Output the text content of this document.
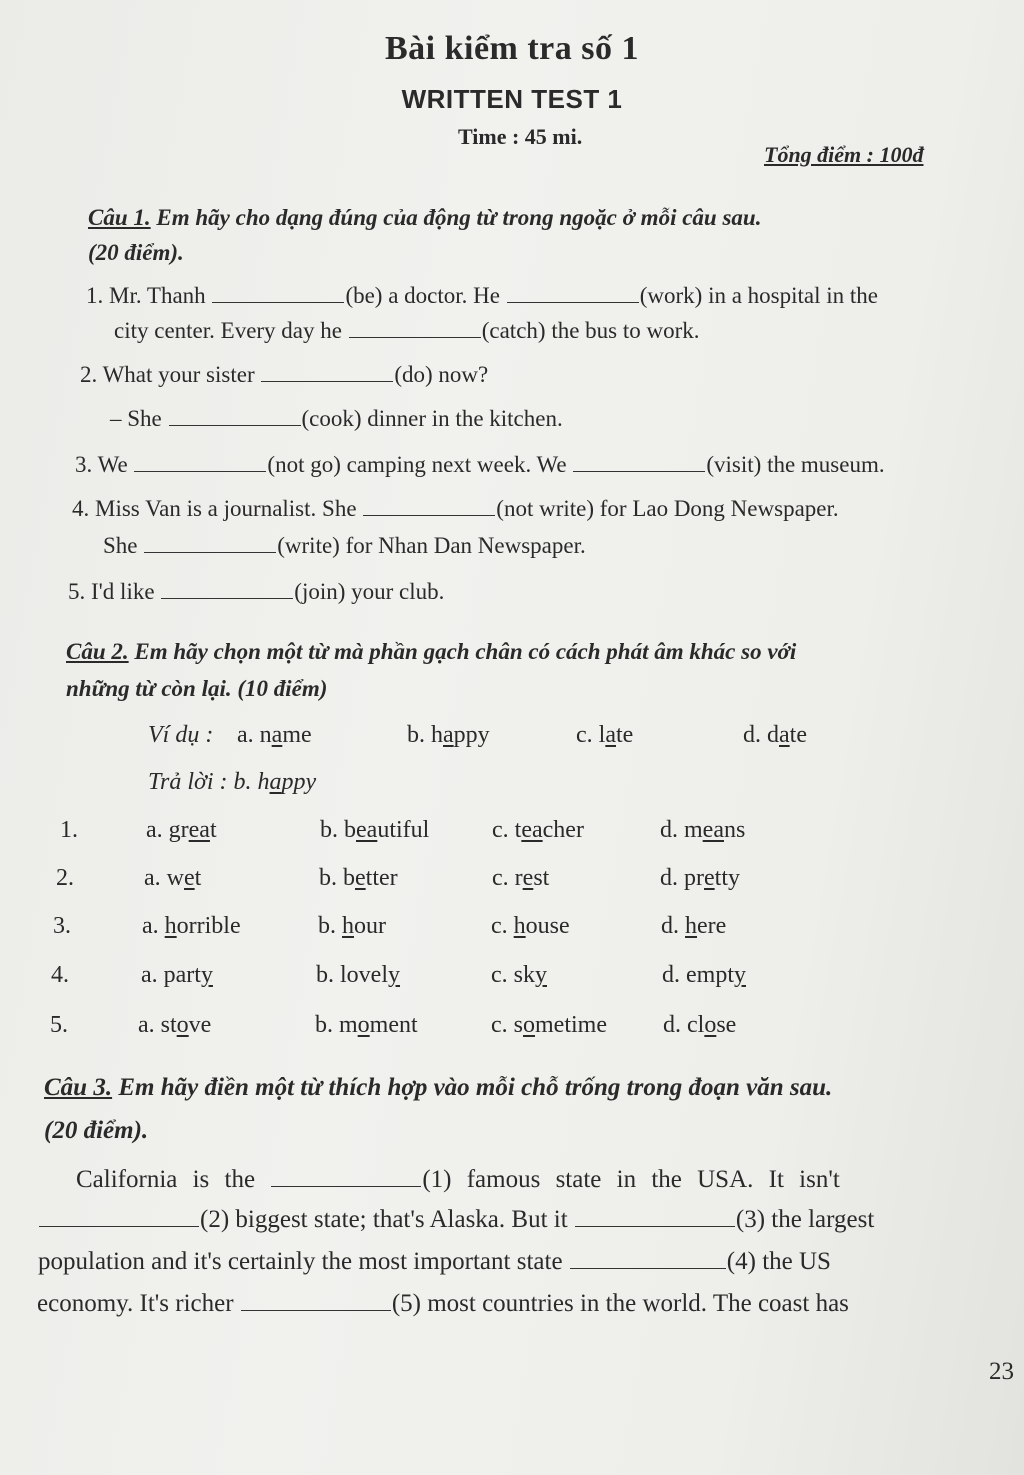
Bài kiểm tra số 1
WRITTEN TEST 1
Time : 45 mi.
Tổng điểm : 100đ
Câu 1. Em hãy cho dạng đúng của động từ trong ngoặc ở mỗi câu sau.
(20 điểm).
1. Mr. Thanh	(be) a doctor. He	(work) in a hospital in the
city center. Every day he	(catch) the bus to work.
2. What your sister	(do) now?
– She	(cook) dinner in the kitchen.
3. We	(not go) camping next week. We	(visit) the museum.
4. Miss Van is a journalist. She	(not write) for Lao Dong Newspaper.
She	(write) for Nhan Dan Newspaper.
5. I'd like	(join) your club.
Câu 2. Em hãy chọn một từ mà phần gạch chân có cách phát âm khác so với
những từ còn lại. (10 điểm)
Ví dụ : a. name	b. happy	c. late	d. date
Trả lời : b. happy
1.	a. great	b. beautiful	c. teacher	d. means
2.	a. wet	b. better	c. rest	d. pretty
3.	a. horrible	b. hour	c. house	d. here
4.	a. party	b. lovely	c. sky	d. empty
5.	a. stove	b. moment	c. sometime d. close
Câu 3. Em hãy điền một từ thích hợp vào mỗi chỗ trống trong đoạn văn sau.
(20 điểm).
California is the	(1) famous state in the USA. It isn't
(2) biggest state; that's Alaska. But it	(3) the largest
population and it's certainly the most important state	(4) the US
economy. It's richer	(5) most countries in the world. The coast has
23
